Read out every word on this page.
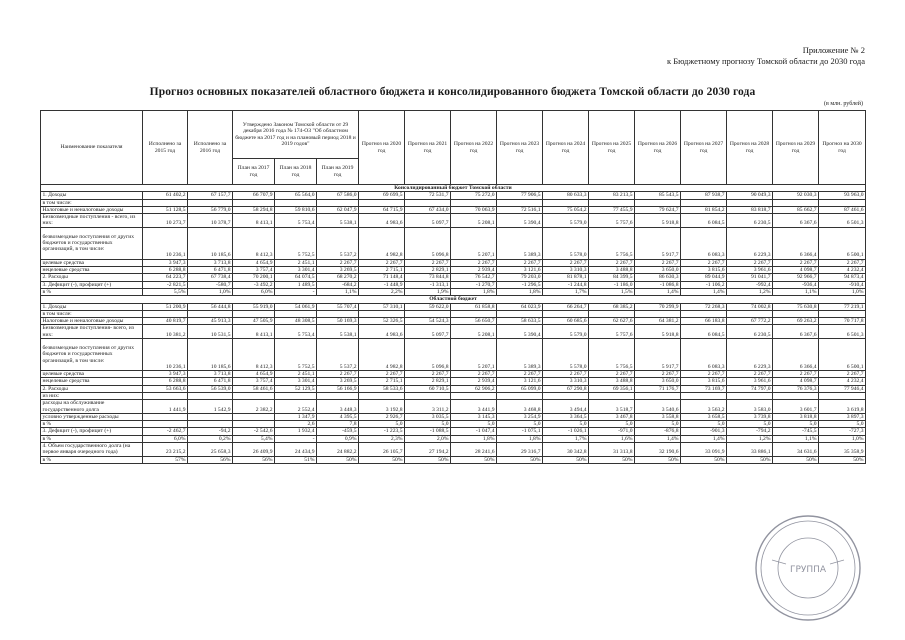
Приложение № 2
к Бюджетному прогнозу Томской области до 2030 года
Прогноз основных показателей областного бюджета и консолидированного бюджета Томской области до 2030 года
(в млн. рублей)
Наименование показателя	Исполнено за 2015 год	Исполнено за 2016 год	Утверждено Законом Томской области от 29 декабря 2016 года № 174-ОЗ "Об областном бюджете на 2017 год и на плановый период 2018 и 2019 годов"			Прогноз на 2020 год	Прогноз на 2021 год	Прогноз на 2022 год	Прогноз на 2023 год	Прогноз на 2024 год	Прогноз на 2025 год	Прогноз на 2026 год	Прогноз на 2027 год	Прогноз на 2028 год	Прогноз на 2029 год	Прогноз на 2030 год
			План на 2017 год	План на 2018 год	План на 2019 год											
Консолидированный бюджет Томской области																
1. Доходы	61 402,2	67 157,7	66 707,9	65 564,0	67 586,0	69 699,5	72 531,7	75 272,0	77 906,5	80 633,3	83 213,5	85 543,5	87 938,7	90 049,3	92 030,3	93 963,0
в том числе:																
Налоговые и неналоговые доходы	51 128,5	56 779,0	58 294,8	59 810,6	62 047,9	64 715,9	67 434,0	70 063,9	72 516,1	75 054,2	77 455,9	79 624,7	81 854,2	83 818,7	85 662,7	87 461,6
Безвозмездные поступления - всего, из них:	10 273,7	10 378,7	8 413,1	5 753,4	5 538,1	4 983,6	5 097,7	5 208,1	5 390,4	5 579,0	5 757,6	5 918,8	6 084,5	6 230,5	6 367,6	6 501,3
безвозмездные поступления от других бюджетов и государственных организаций, в том числе:	10 236,1	10 185,6	8 412,3	5 752,5	5 537,2	4 982,8	5 096,8	5 207,1	5 389,3	5 578,0	5 756,5	5 917,7	6 083,3	6 229,3	6 366,4	6 500,1
целевые средства	3 947,3	3 713,8	4 654,9	2 451,1	2 267,7	2 267,7	2 267,7	2 267,7	2 267,7	2 267,7	2 267,7	2 267,7	2 267,7	2 267,7	2 267,7	2 267,7
нецелевые средства	6 288,8	6 471,8	3 757,4	3 301,4	3 269,5	2 715,1	2 829,1	2 939,4	3 121,6	3 310,3	3 488,8	3 650,0	3 815,6	3 961,6	4 098,7	4 232,4
2. Расходы	64 223,7	67 738,4	70 200,1	64 074,5	68 270,2	71 148,4	73 844,8	76 542,7	79 203,0	81 878,1	84 399,5	86 630,3	89 044,9	91 041,7	92 966,7	94 873,4
3. Дефицит (-), профицит (+)	-2 821,5	-580,7	-3 492,2	1 489,5	-684,2	-1 448,9	-1 313,1	-1 270,7	-1 296,5	-1 244,8	-1 186,0	-1 086,8	-1 106,2	-992,4	-936,4	-910,4
в %	5,5%	1,0%	6,0%	-	1,1%	2,2%	1,9%	1,8%	1,8%	1,7%	1,5%	1,4%	1,4%	1,2%	1,1%	1,0%
Областной бюджет																
1. Доходы	51 200,9	56 444,8	55 919,0	54 061,9	55 707,4	57 310,1	59 622,0	61 858,8	64 023,9	66 264,7	68 385,2	70 299,9	72 268,3	74 002,8	75 630,8	77 219,1
в том числе:																
Налоговые и неналоговые доходы	40 819,7	45 913,3	47 505,9	48 308,5	50 169,3	52 326,5	54 524,3	56 650,7	58 633,5	60 685,6	62 627,6	64 381,2	66 183,8	67 772,2	69 263,2	70 717,8
Безвозмездные поступления- всего, из них:	10 381,2	10 531,5	8 413,1	5 753,4	5 538,1	4 983,6	5 097,7	5 208,1	5 390,4	5 579,0	5 757,6	5 918,8	6 084,5	6 230,5	6 367,6	6 501,3
безвозмездные поступления от других бюджетов и государственных организаций, в том числе:	10 236,1	10 185,6	8 412,3	5 752,5	5 537,2	4 982,8	5 096,8	5 207,1	5 389,3	5 578,0	5 756,5	5 917,7	6 083,3	6 229,3	6 366,4	6 500,1
целевые средства	3 947,3	3 713,8	4 654,9	2 451,1	2 267,7	2 267,7	2 267,7	2 267,7	2 267,7	2 267,7	2 267,7	2 267,7	2 267,7	2 267,7	2 267,7	2 267,7
нецелевые средства	6 288,8	6 471,8	3 757,4	3 301,4	3 269,5	2 715,1	2 829,1	2 939,4	3 121,6	3 310,3	3 488,8	3 650,0	3 815,6	3 961,6	4 098,7	4 232,4
2. Расходы	53 663,6	56 539,0	58 461,6	52 129,5	56 166,9	58 533,6	60 710,5	62 906,2	65 099,0	67 290,8	69 356,1	71 176,7	73 169,7	74 797,0	76 376,3	77 946,4
из них:																
расходы на обслуживание государственного долга	1 441,9	1 542,9	2 382,2	2 552,4	3 448,3	3 192,8	3 311,2	3 441,9	3 468,8	3 494,4	3 518,7	3 540,6	3 563,2	3 583,0	3 601,7	3 619,8
условно утвержденные расходы				1 347,9	4 395,5	2 926,7	3 035,5	3 145,3	3 254,9	3 364,5	3 467,8	3 558,8	3 658,5	3 739,8	3 818,8	3 897,3
в %				2,6	7,8	5,0	5,0	5,0	5,0	5,0	5,0	5,0	5,0	5,0	5,0	5,0
3. Дефицит (-), профицит (+)	-2 462,7	-94,2	-2 542,6	1 932,4	-459,5	-1 223,5	-1 088,5	-1 047,4	-1 075,1	-1 026,1	-971,0	-876,8	-901,3	-794,2	-745,5	-727,3
в %	6,0%	0,2%	5,4%	-	0,9%	2,3%	2,0%	1,8%	1,8%	1,7%	1,6%	1,4%	1,4%	1,2%	1,1%	1,0%
4. Объем государственного долга (на первое января очередного года)	23 215,2	25 658,3	26 409,9	24 434,9	24 882,2	26 105,7	27 194,2	28 241,6	29 316,7	30 342,8	31 313,8	32 190,6	33 091,9	33 886,1	34 631,6	35 358,9
в %	57%	56%	56%	51%	50%	50%	50%	50%	50%	50%	50%	50%	50%	50%	50%	50%
ГРУППА
